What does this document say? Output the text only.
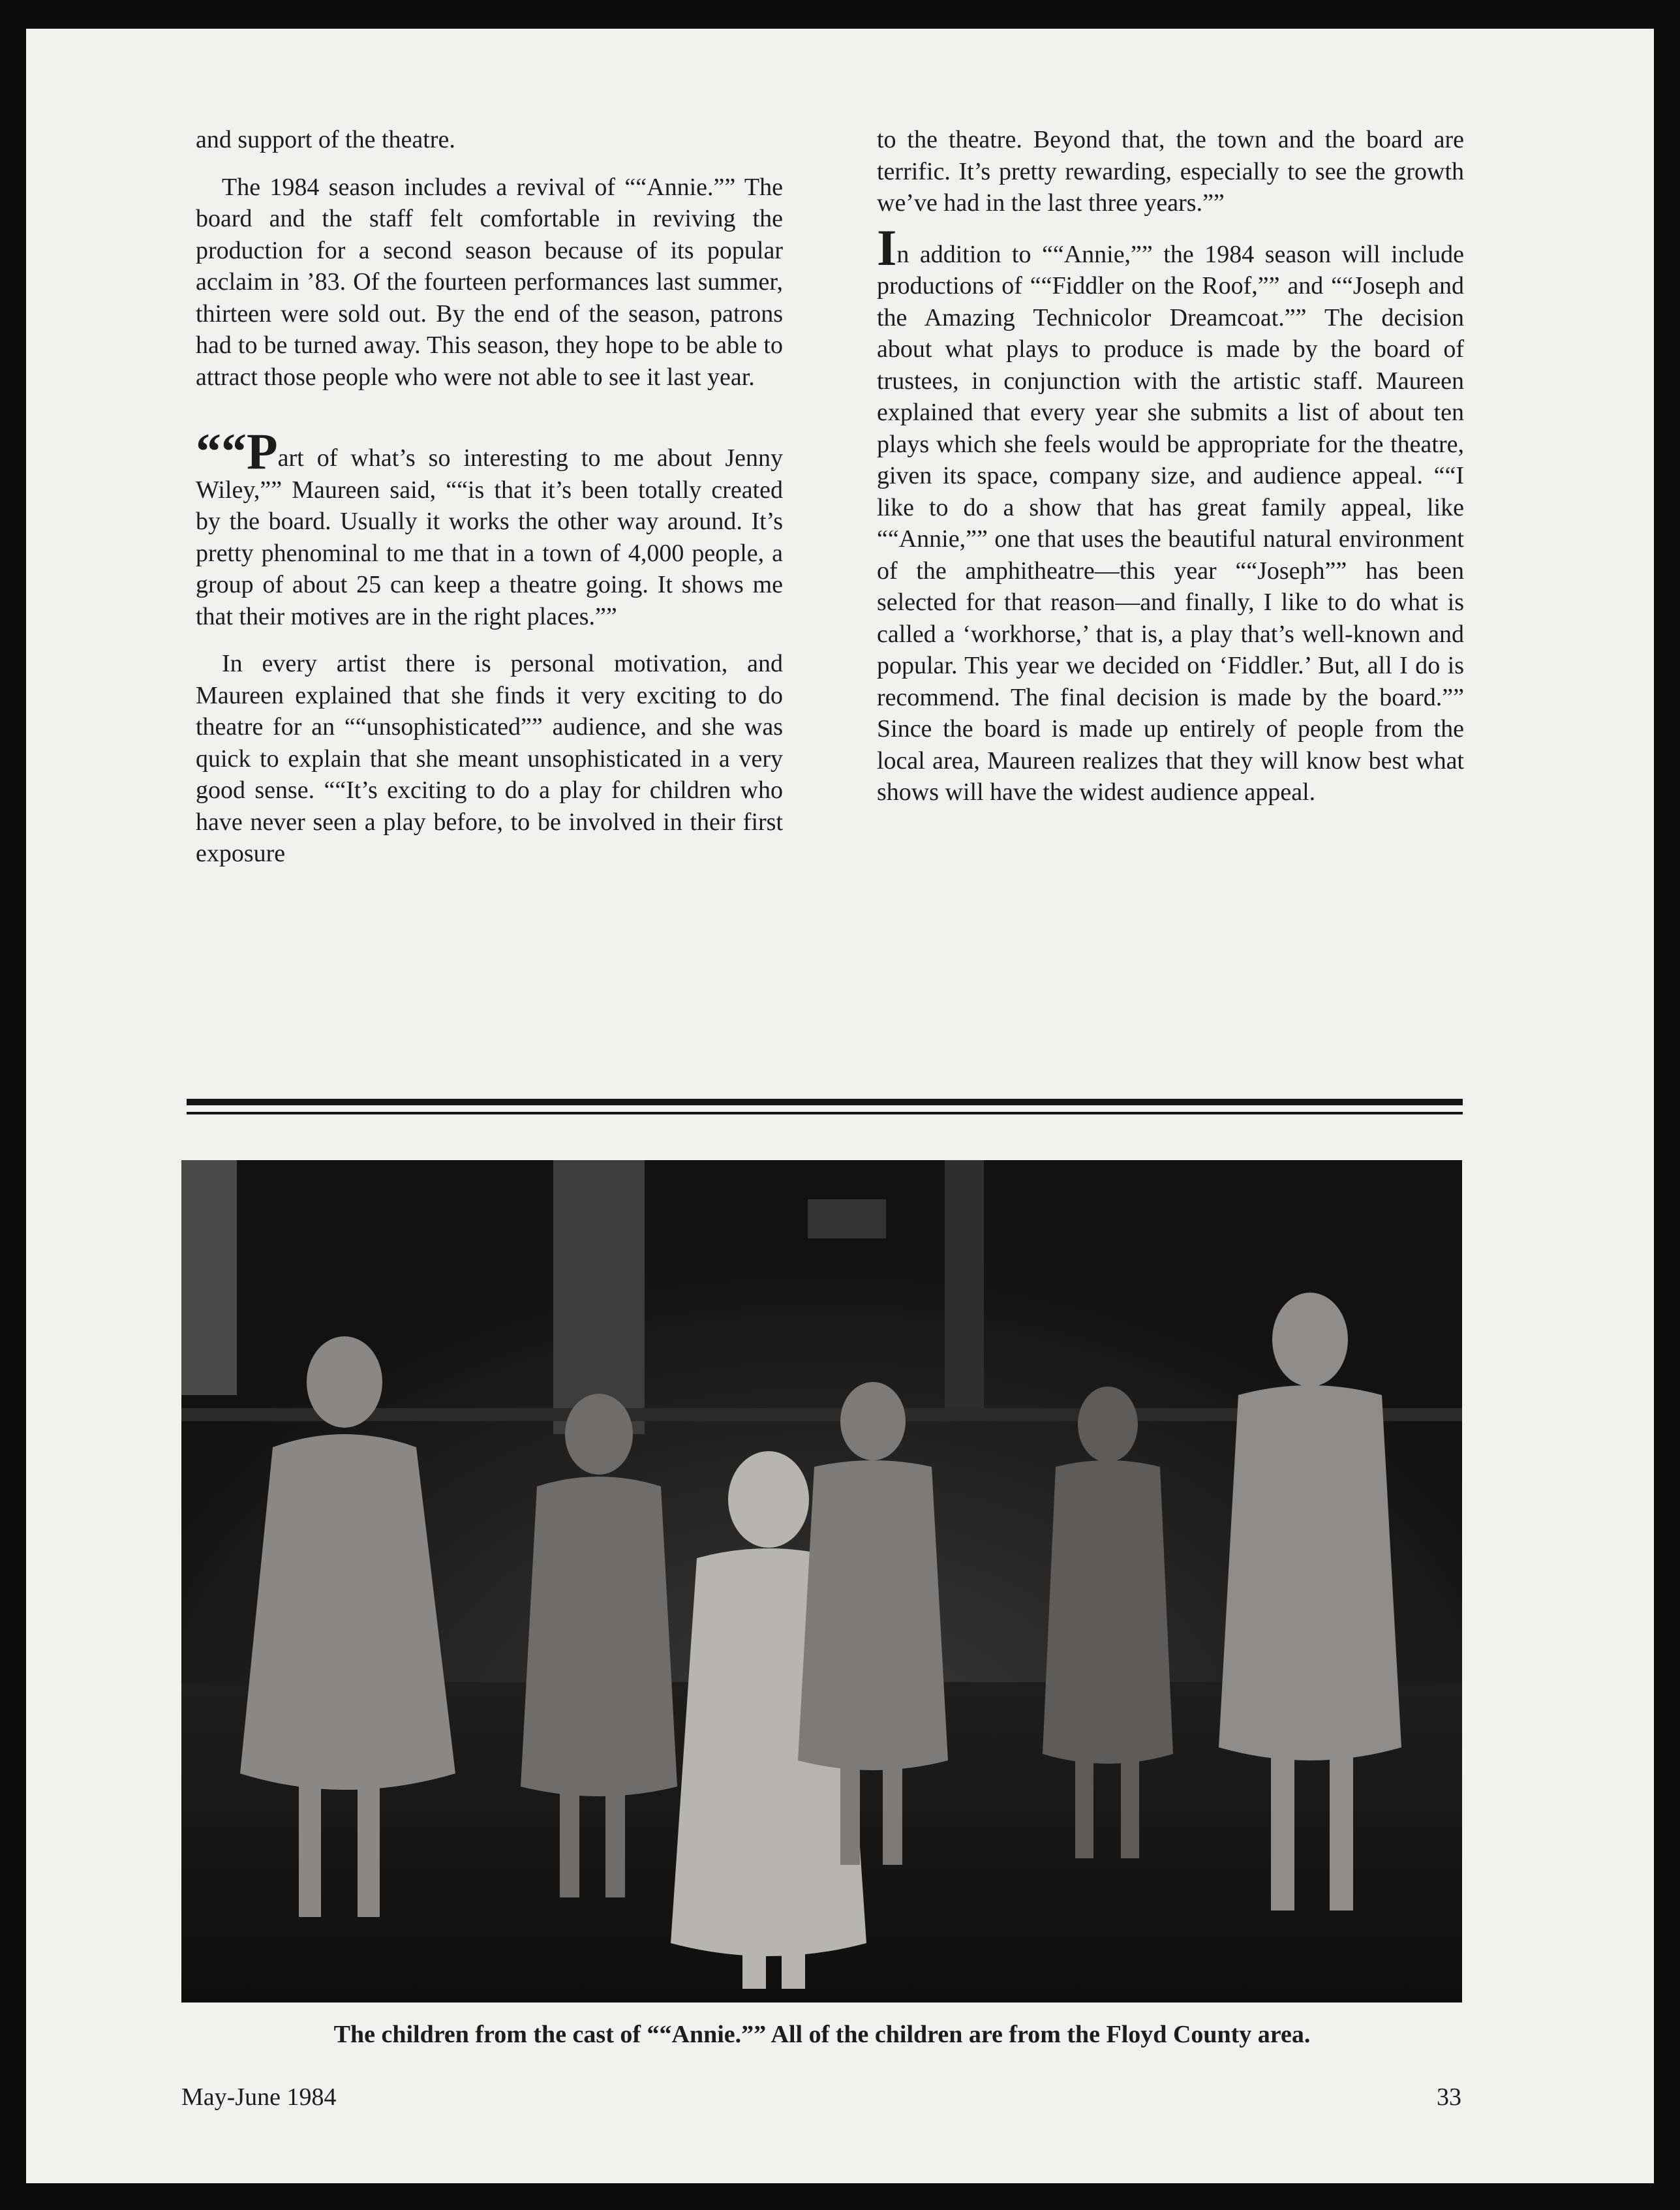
and support of the theatre.

The 1984 season includes a revival of ““Annie.”” The board and the staff felt comfortable in reviving the production for a second season because of its popular acclaim in ’83. Of the fourteen performances last summer, thirteen were sold out. By the end of the season, patrons had to be turned away. This season, they hope to be able to attract those people who were not able to see it last year.

““Part of what’s so interesting to me about Jenny Wiley,”” Maureen said, ““is that it’s been totally created by the board. Usually it works the other way around. It’s pretty phenominal to me that in a town of 4,000 people, a group of about 25 can keep a theatre going. It shows me that their motives are in the right places.””

In every artist there is personal motivation, and Maureen explained that she finds it very exciting to do theatre for an ““unsophisticated”” audience, and she was quick to explain that she meant unsophisticated in a very good sense. ““It’s exciting to do a play for children who have never seen a play before, to be involved in their first exposure

to the theatre. Beyond that, the town and the board are terrific. It’s pretty rewarding, especially to see the growth we’ve had in the last three years.””

In addition to ““Annie,”” the 1984 season will include productions of ““Fiddler on the Roof,”” and ““Joseph and the Amazing Technicolor Dreamcoat.”” The decision about what plays to produce is made by the board of trustees, in conjunction with the artistic staff. Maureen explained that every year she submits a list of about ten plays which she feels would be appropriate for the theatre, given its space, company size, and audience appeal. ““I like to do a show that has great family appeal, like ““Annie,”” one that uses the beautiful natural environment of the amphitheatre—this year ““Joseph”” has been selected for that reason—and finally, I like to do what is called a ‘workhorse,’ that is, a play that’s well-known and popular. This year we decided on ‘Fiddler.’ But, all I do is recommend. The final decision is made by the board.”” Since the board is made up entirely of people from the local area, Maureen realizes that they will know best what shows will have the widest audience appeal.

The children from the cast of ““Annie.”” All of the children are from the Floyd County area.
May-June 1984	33
